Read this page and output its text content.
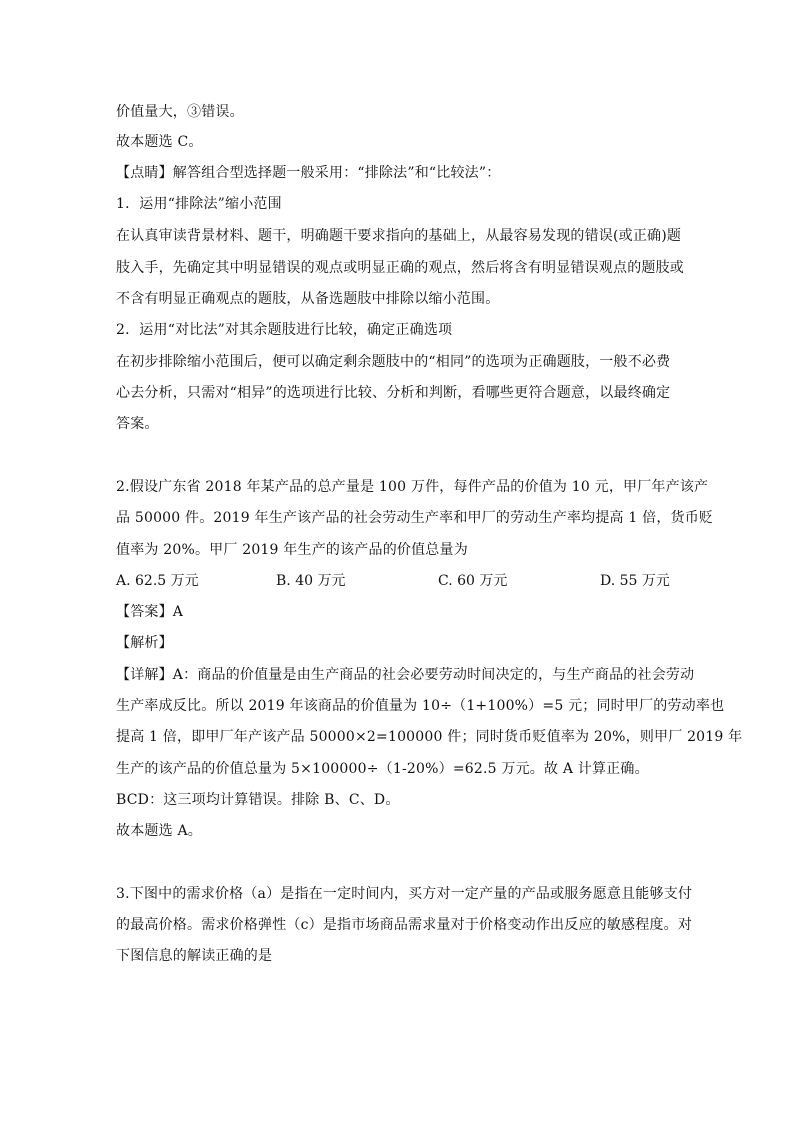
价值量大，③错误。
故本题选 C。
【点睛】解答组合型选择题一般采用：“排除法”和“比较法”：
1．运用“排除法”缩小范围
在认真审读背景材料、题干，明确题干要求指向的基础上，从最容易发现的错误(或正确)题
肢入手，先确定其中明显错误的观点或明显正确的观点，然后将含有明显错误观点的题肢或
不含有明显正确观点的题肢，从备选题肢中排除以缩小范围。
2．运用“对比法”对其余题肢进行比较，确定正确选项
在初步排除缩小范围后，便可以确定剩余题肢中的“相同”的选项为正确题肢，一般不必费
心去分析，只需对“相异”的选项进行比较、分析和判断，看哪些更符合题意，以最终确定
答案。
2.假设广东省 2018 年某产品的总产量是 100 万件，每件产品的价值为 10 元，甲厂年产该产
品 50000 件。2019 年生产该产品的社会劳动生产率和甲厂的劳动生产率均提高 1 倍，货币贬
值率为 20%。甲厂 2019 年生产的该产品的价值总量为
A. 62.5 万元	B. 40 万元	C. 60 万元	D. 55 万元
【答案】A
【解析】
【详解】A：商品的价值量是由生产商品的社会必要劳动时间决定的，与生产商品的社会劳动
生产率成反比。所以 2019 年该商品的价值量为 10÷（1+100%）=5 元；同时甲厂的劳动率也
提高 1 倍，即甲厂年产该产品 50000×2=100000 件；同时货币贬值率为 20%，则甲厂 2019 年
生产的该产品的价值总量为 5×100000÷（1-20%）=62.5 万元。故 A 计算正确。
BCD：这三项均计算错误。排除 B、C、D。
故本题选 A。
3.下图中的需求价格（a）是指在一定时间内，买方对一定产量的产品或服务愿意且能够支付
的最高价格。需求价格弹性（c）是指市场商品需求量对于价格变动作出反应的敏感程度。对
下图信息的解读正确的是
